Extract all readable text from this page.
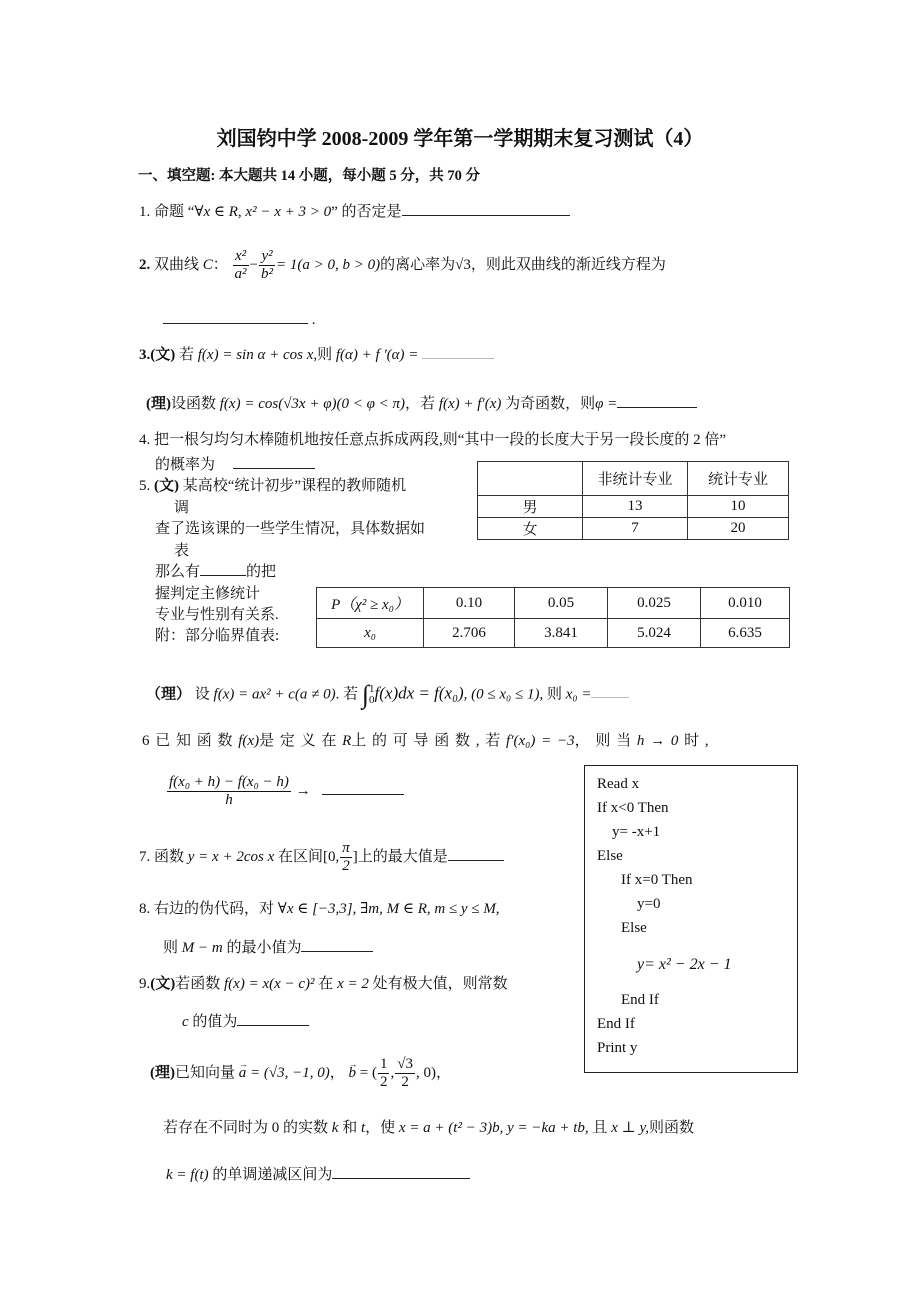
刘国钧中学 2008-2009 学年第一学期期末复习测试（4）
一、填空题: 本大题共 14 小题，每小题 5 分，共 70 分
1. 命题 “∀x ∈ R, x² − x + 3 > 0” 的否定是
2. 双曲线 C： $\frac{\text{x²}}{\text{a²}} - \frac{\text{y²}}{\text{b²}} = 1(a > 0$, b > 0)的离心率为√3，则此双曲线的渐近线方程为
.
3.(文) 若 f(x) = sin α + cos x,则 f(α) + f '(α) =
(理)设函数 f(x) = cos(√3x + φ)(0 < φ < π)，若 f(x) + f′(x) 为奇函数，则φ =
4. 把一根匀均匀木棒随机地按任意点拆成两段,则“其中一段的长度大于另一段长度的 2 倍”
的概率为
5. (文) 某高校“统计初步”课程的教师随机
调
查了选该课的一些学生情况，具体数据如
表
那么有	的把
握判定主修统计
专业与性别有关系.
附：部分临界值表:
	非统计专业	统计专业
男	13	10
女	7	20
P（χ² ≥ x₀）	0.10	0.05	0.025	0.010
x₀	2.706	3.841	5.024	6.635
（理） 设 f(x) = ax² + c(a ≠ 0). 若 ∫ 1
0 f(x)dx = f(x₀), (0 ≤ x₀ ≤ 1), 则 x₀ =
6 已 知 函 数 f(x)是 定 义 在 R上 的 可 导 函 数 , 若 f′(x₀) = −3， 则 当 h → 0 时 ,
$\frac{\text{f(x₀ + h) − f(x₀ − h)}}{h}$ →
7. 函数 y = x + 2cos x 在区间[0, $\frac{\pi}{2}$ ]上的最大值是
8. 右边的伪代码，对 ∀x ∈ [−3,3], ∃m, M ∈ R, m ≤ y ≤ M,
则 M − m 的最小值为
9.(文)若函数 f(x) = x(x − c)² 在 x = 2 处有极大值，则常数
c 的值为
(理)已知向量 → a = (√3, −1, 0)， → b = ( $\frac{1}{2}$ , $\frac{√3}{2}$ , 0)，
若存在不同时为 0 的实数 k 和 t，使 x = a + (t² − 3)b, y = −ka + tb, 且 x ⊥ y,则函数
k = f(t) 的单调递减区间为
Read x
If x<0 Then
y= -x+1
Else
If x=0 Then
y=0
Else
y= x² − 2x − 1
End If
End If
Print y
